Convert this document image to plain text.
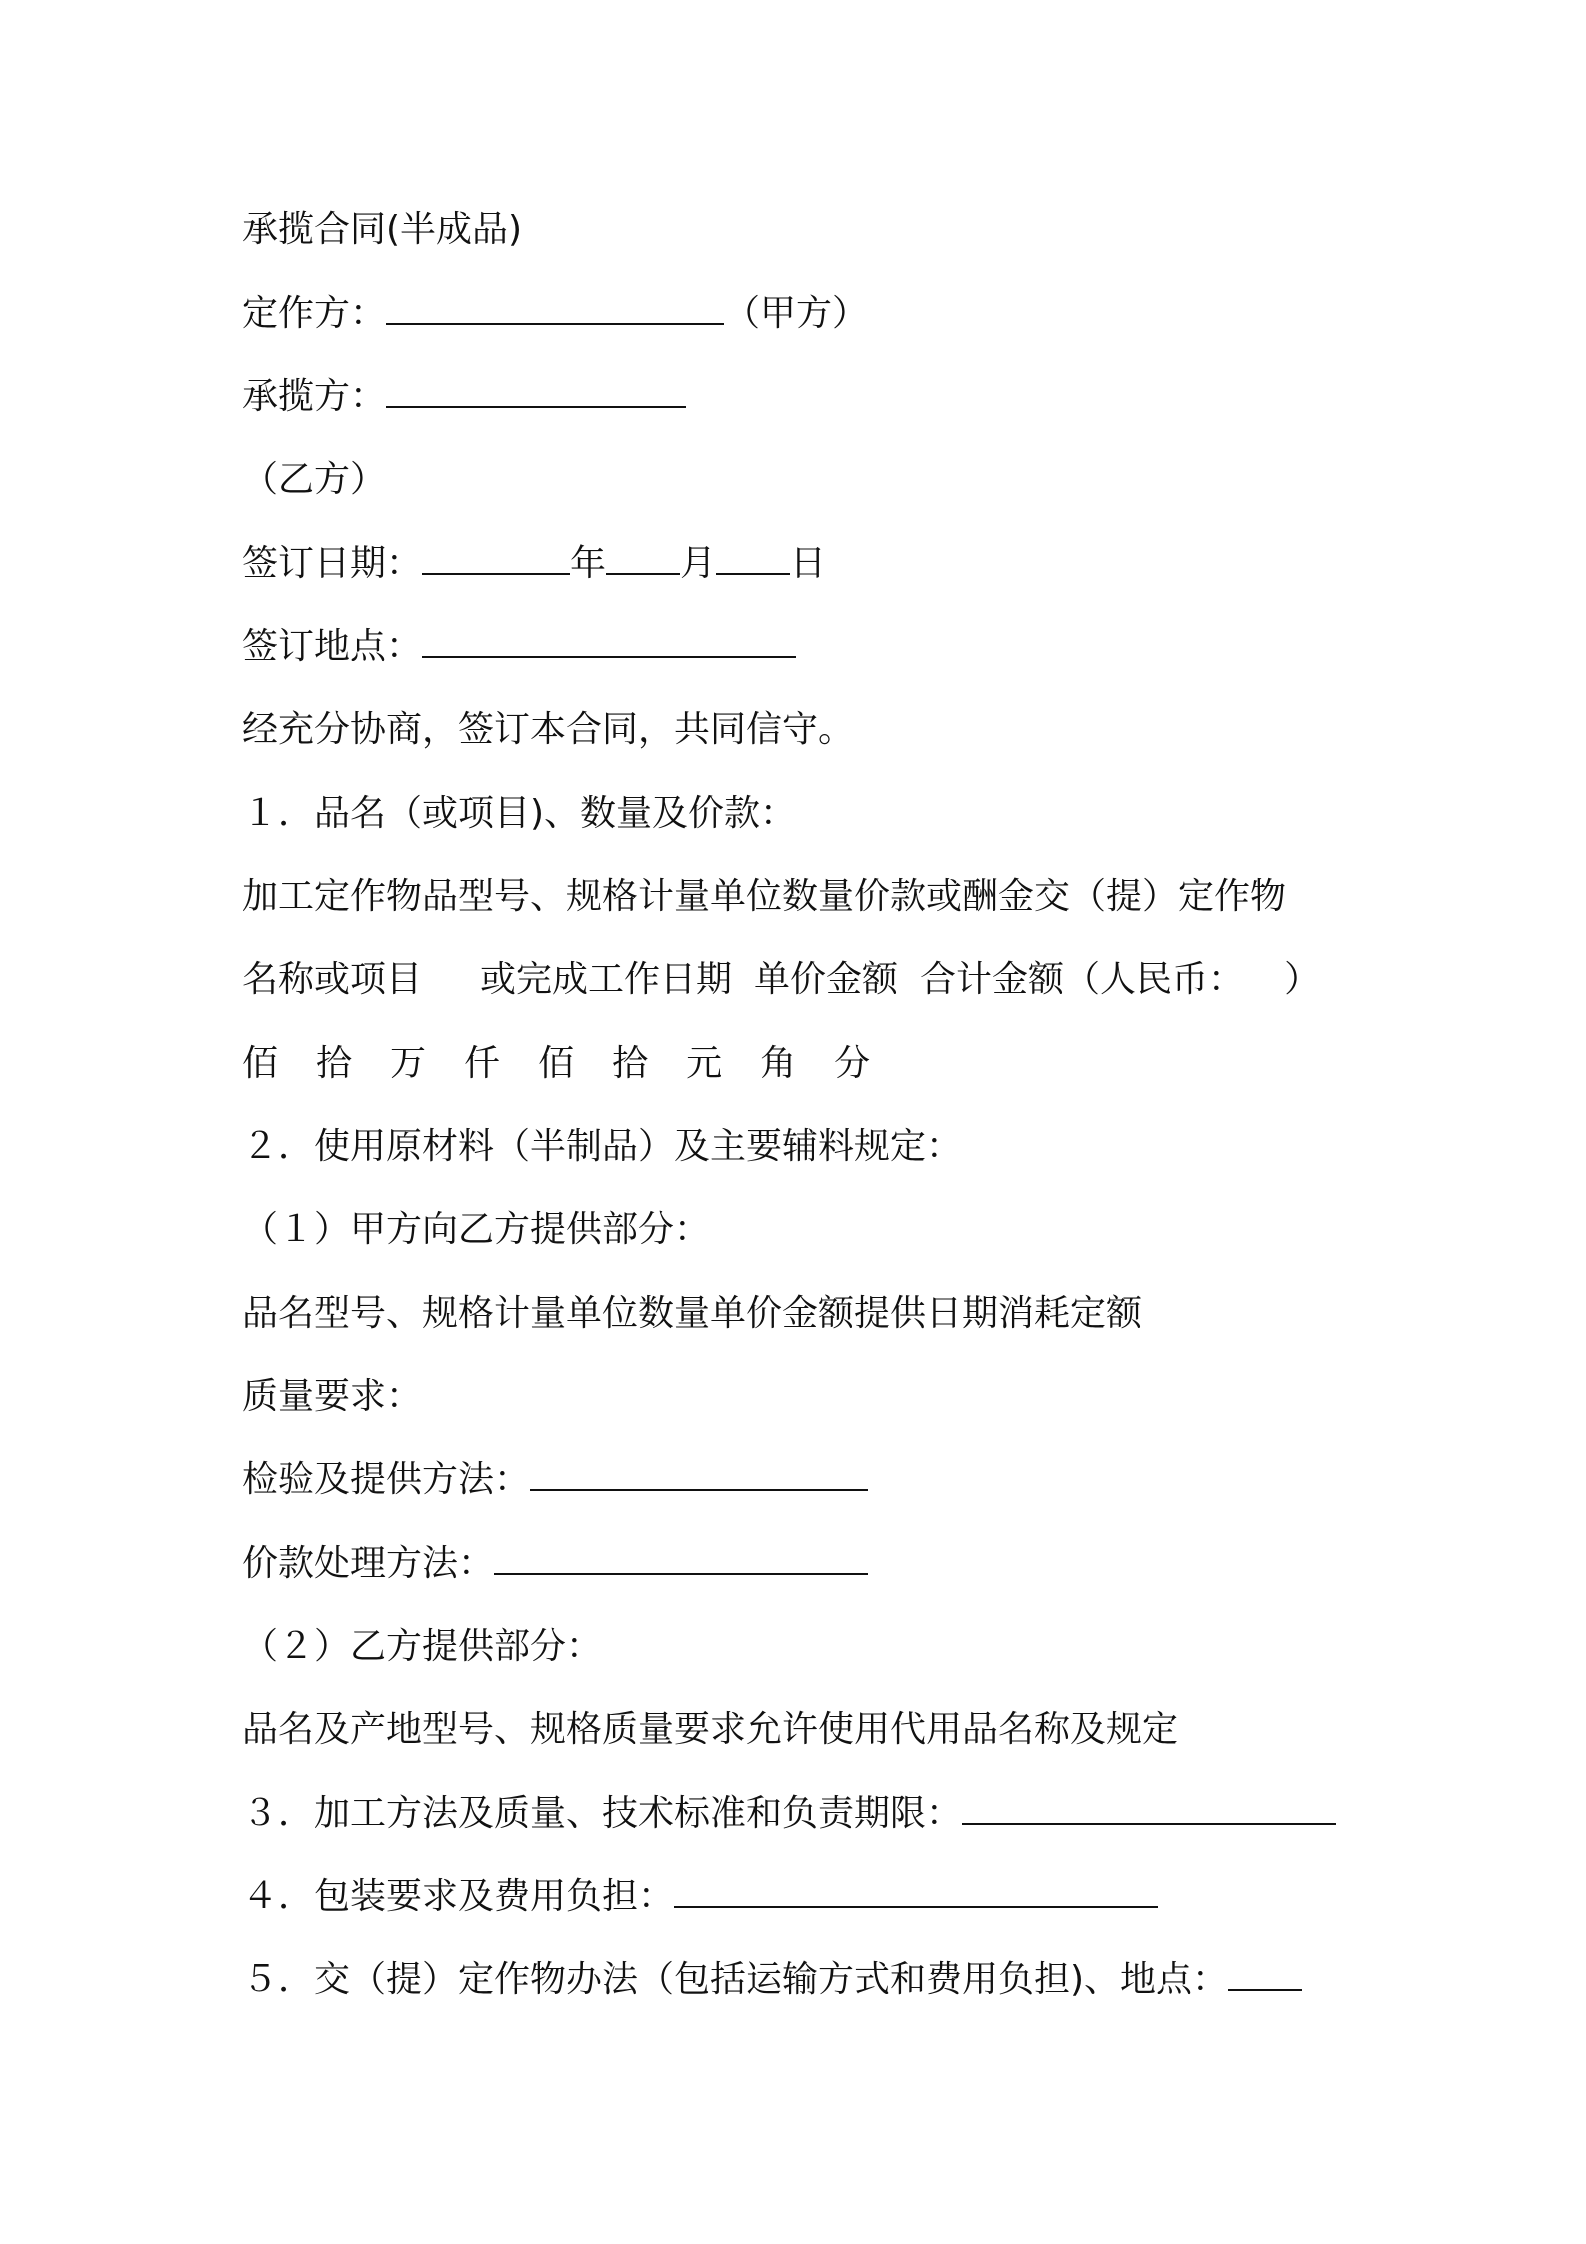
承揽合同(半成品)
定作方：	（甲方）
承揽方：
（乙方）
签订日期：	年 月 日
签订地点：
经充分协商，签订本合同，共同信守。
１．品名（或项目)、数量及价款：
加工定作物品型号、规格计量单位数量价款或酬金交（提）定作物
名称或项目 或完成工作日期 单价金额 合计金额（人民币： ）
佰 拾 万 仟 佰 拾 元 角 分
２．使用原材料（半制品）及主要辅料规定：
（１）甲方向乙方提供部分：
品名型号、规格计量单位数量单价金额提供日期消耗定额
质量要求：
检验及提供方法：
价款处理方法：
（２）乙方提供部分：
品名及产地型号、规格质量要求允许使用代用品名称及规定
３．加工方法及质量、技术标准和负责期限：
４．包装要求及费用负担：
５．交（提）定作物办法（包括运输方式和费用负担)、地点：
